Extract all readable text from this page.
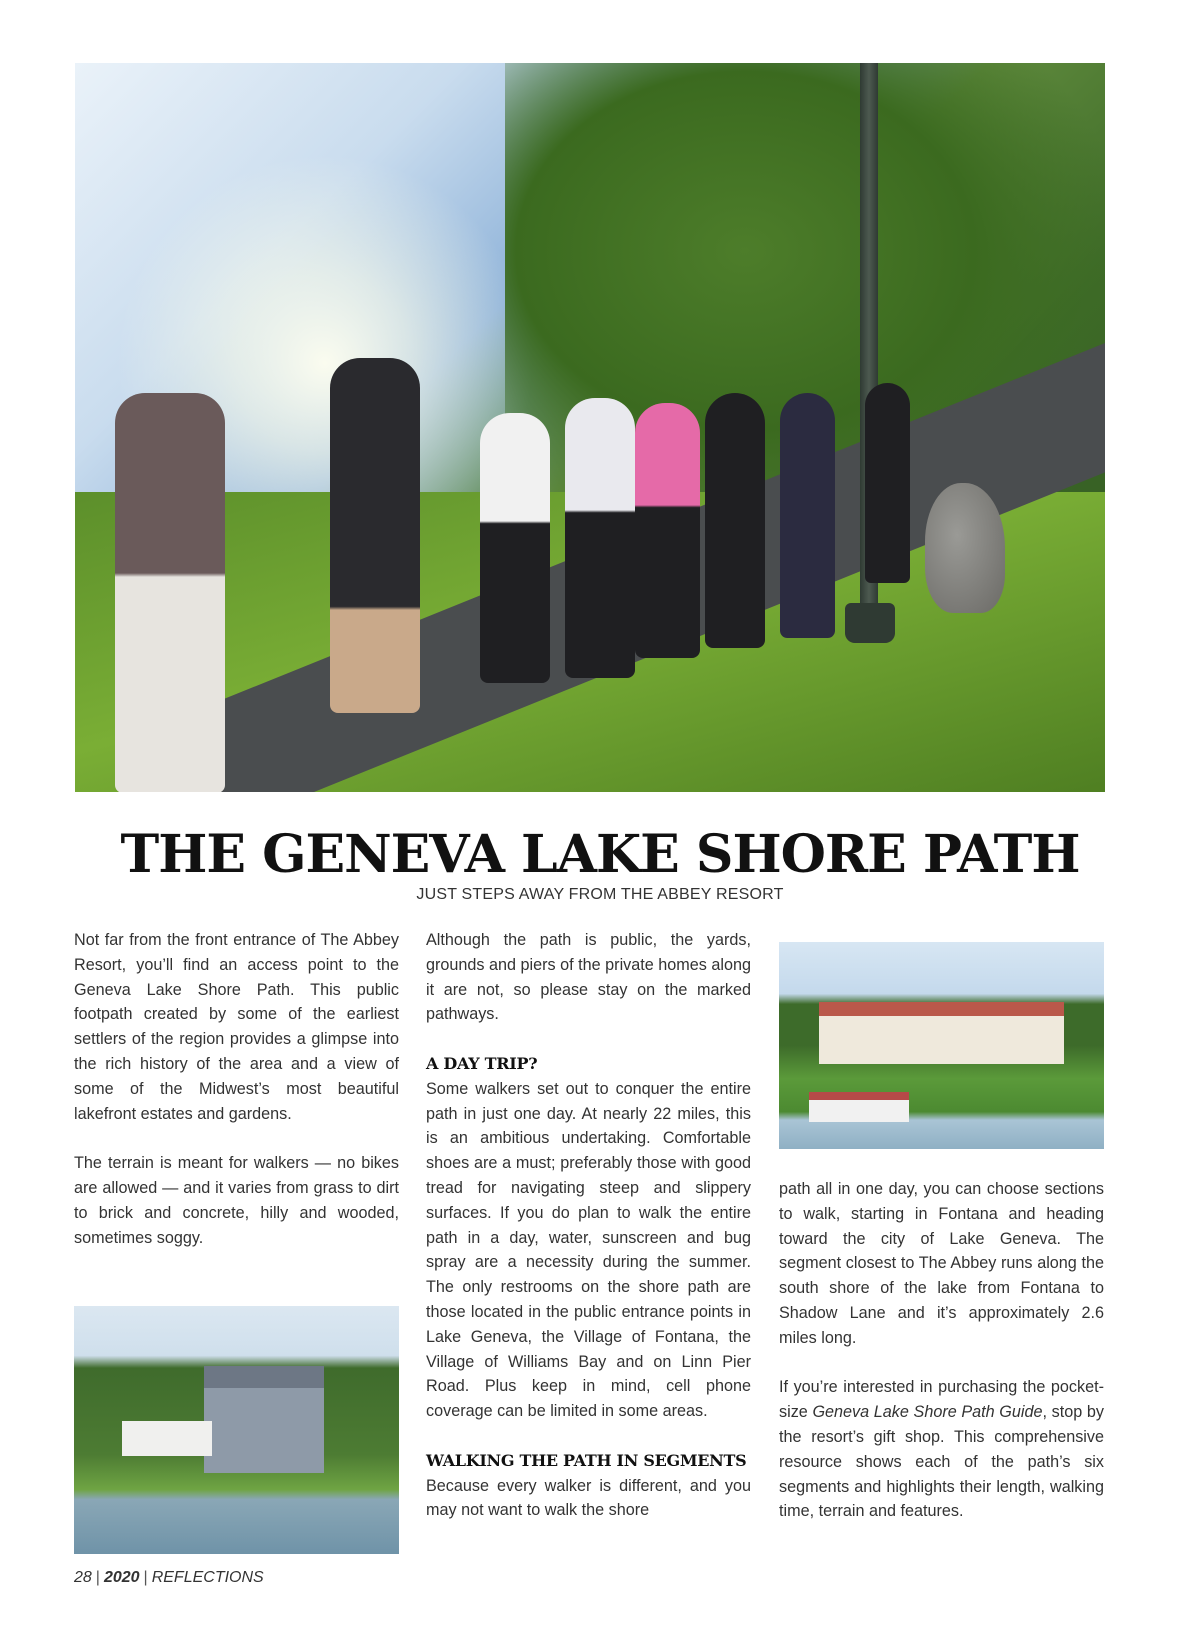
THE GENEVA LAKE SHORE PATH
JUST STEPS AWAY FROM THE ABBEY RESORT

Not far from the front entrance of The Abbey Resort, you’ll find an access point to the Geneva Lake Shore Path. This public footpath created by some of the earliest settlers of the region provides a glimpse into the rich history of the area and a view of some of the Midwest’s most beautiful lakefront estates and gardens.

The terrain is meant for walkers — no bikes are allowed — and it varies from grass to dirt to brick and concrete, hilly and wooded, sometimes soggy.

Although the path is public, the yards, grounds and piers of the private homes along it are not, so please stay on the marked pathways.

A DAY TRIP?

Some walkers set out to conquer the entire path in just one day. At nearly 22 miles, this is an ambitious undertaking. Comfortable shoes are a must; preferably those with good tread for navigating steep and slippery surfaces. If you do plan to walk the entire path in a day, water, sunscreen and bug spray are a necessity during the summer. The only restrooms on the shore path are those located in the public entrance points in Lake Geneva, the Village of Fontana, the Village of Williams Bay and on Linn Pier Road. Plus keep in mind, cell phone coverage can be limited in some areas.

WALKING THE PATH IN SEGMENTS

Because every walker is different, and you may not want to walk the shore

path all in one day, you can choose sections to walk, starting in Fontana and heading toward the city of Lake Geneva. The segment closest to The Abbey runs along the south shore of the lake from Fontana to Shadow Lane and it’s approximately 2.6 miles long.

If you’re interested in purchasing the pocket-size Geneva Lake Shore Path Guide, stop by the resort’s gift shop. This comprehensive resource shows each of the path’s six segments and highlights their length, walking time, terrain and features.

28 | 2020 | REFLECTIONS
